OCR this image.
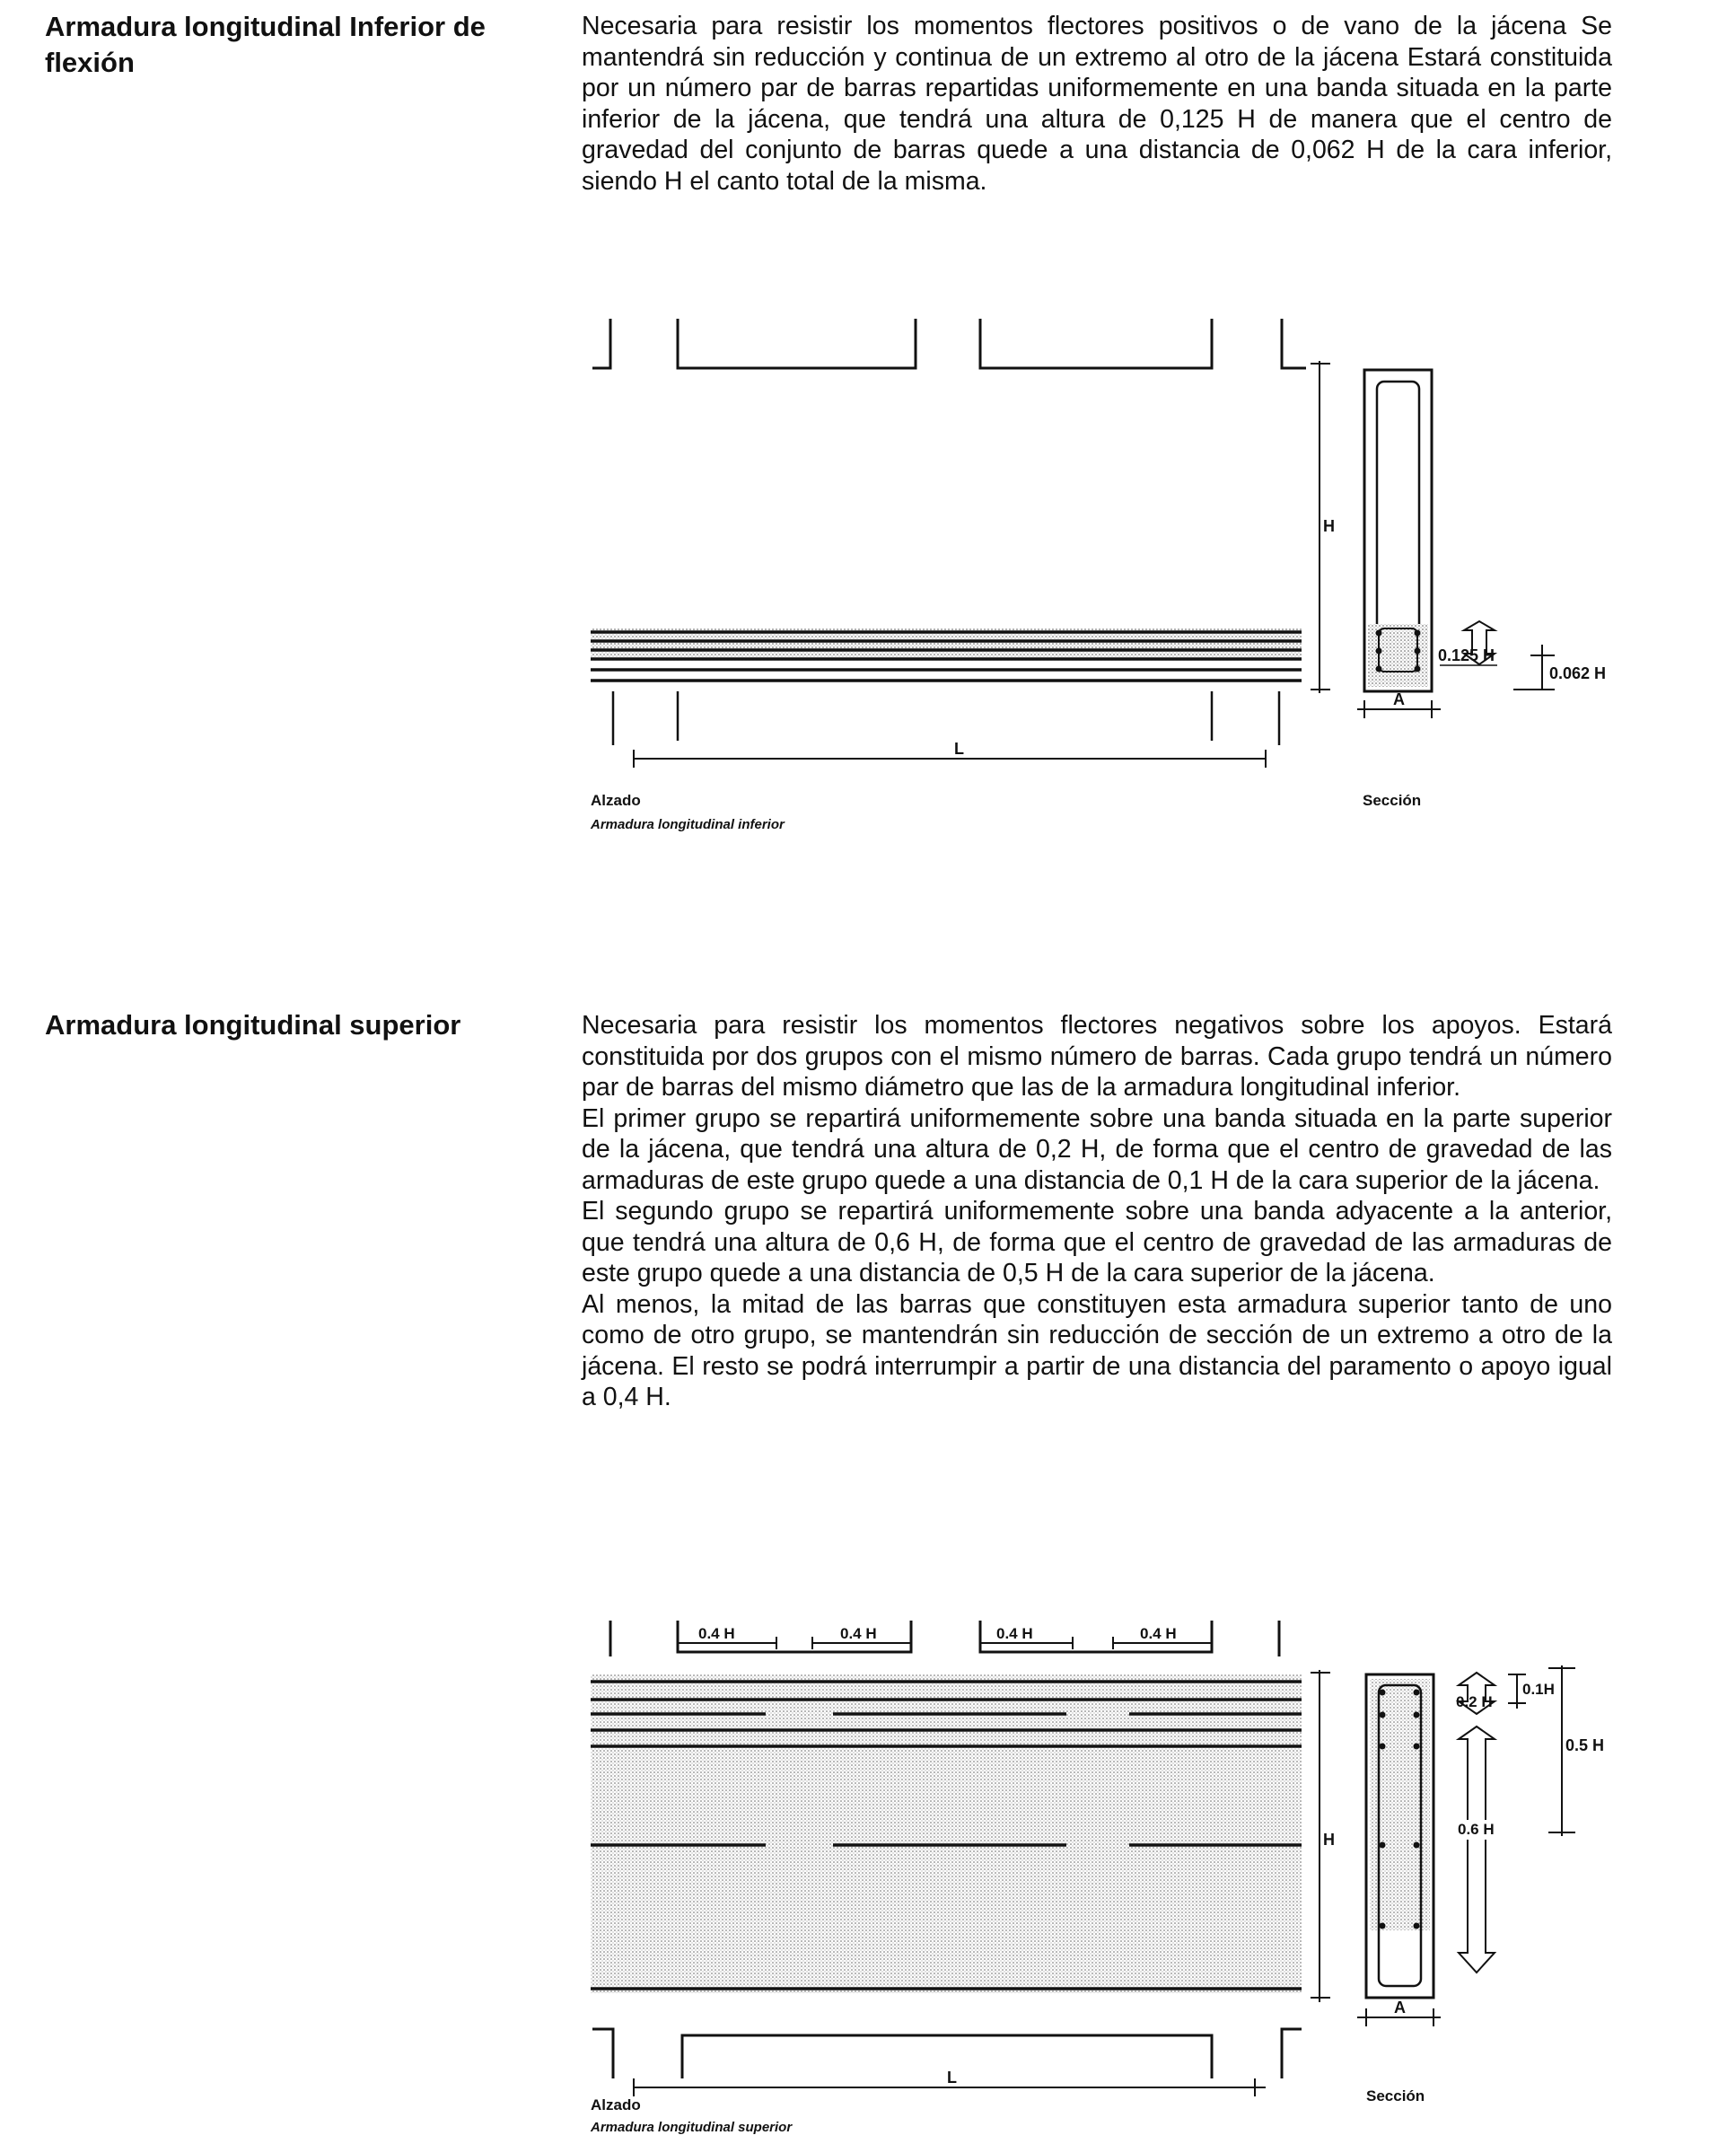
Armadura longitudinal Inferior de flexión

Necesaria para resistir los momentos flectores positivos o de vano de la jácena Se mantendrá sin reducción y continua de un extremo al otro de la jácena Estará constituida por un número par de barras repartidas uniformemente en una banda situada en la parte inferior de la jácena, que tendrá una altura de 0,125 H de manera que el centro de gravedad del conjunto de barras quede a una distancia de 0,062 H de la cara inferior, siendo H el canto total de la misma.

L
H
A
0.125 H
0.062 H
Alzado
Armadura longitudinal inferior
Sección
Armadura longitudinal superior	Necesaria para resistir los momentos flectores negativos sobre los apoyos. Estará constituida por dos grupos con el mismo número de barras. Cada grupo tendrá un número par de barras del mismo diámetro que las de la armadura longitudinal inferior.

El primer grupo se repartirá uniformemente sobre una banda situada en la parte superior de la jácena, que tendrá una altura de 0,2 H, de forma que el centro de gravedad de las armaduras de este grupo quede a una distancia de 0,1 H de la cara superior de la jácena.

El segundo grupo se repartirá uniformemente sobre una banda adyacente a la anterior, que tendrá una altura de 0,6 H, de forma que el centro de gravedad de las armaduras de este grupo quede a una distancia de 0,5 H de la cara superior de la jácena.

Al menos, la mitad de las barras que constituyen esta armadura superior tanto de uno como de otro grupo, se mantendrán sin reducción de sección de un extremo a otro de la jácena. El resto se podrá interrumpir a partir de una distancia del paramento o apoyo igual a 0,4 H.

0.4 H	0.4 H	0.4 H	0.4 H
L
H
A
0.2 H
0.6 H
0.1H
0.5 H
Alzado
Armadura longitudinal superior
Sección
